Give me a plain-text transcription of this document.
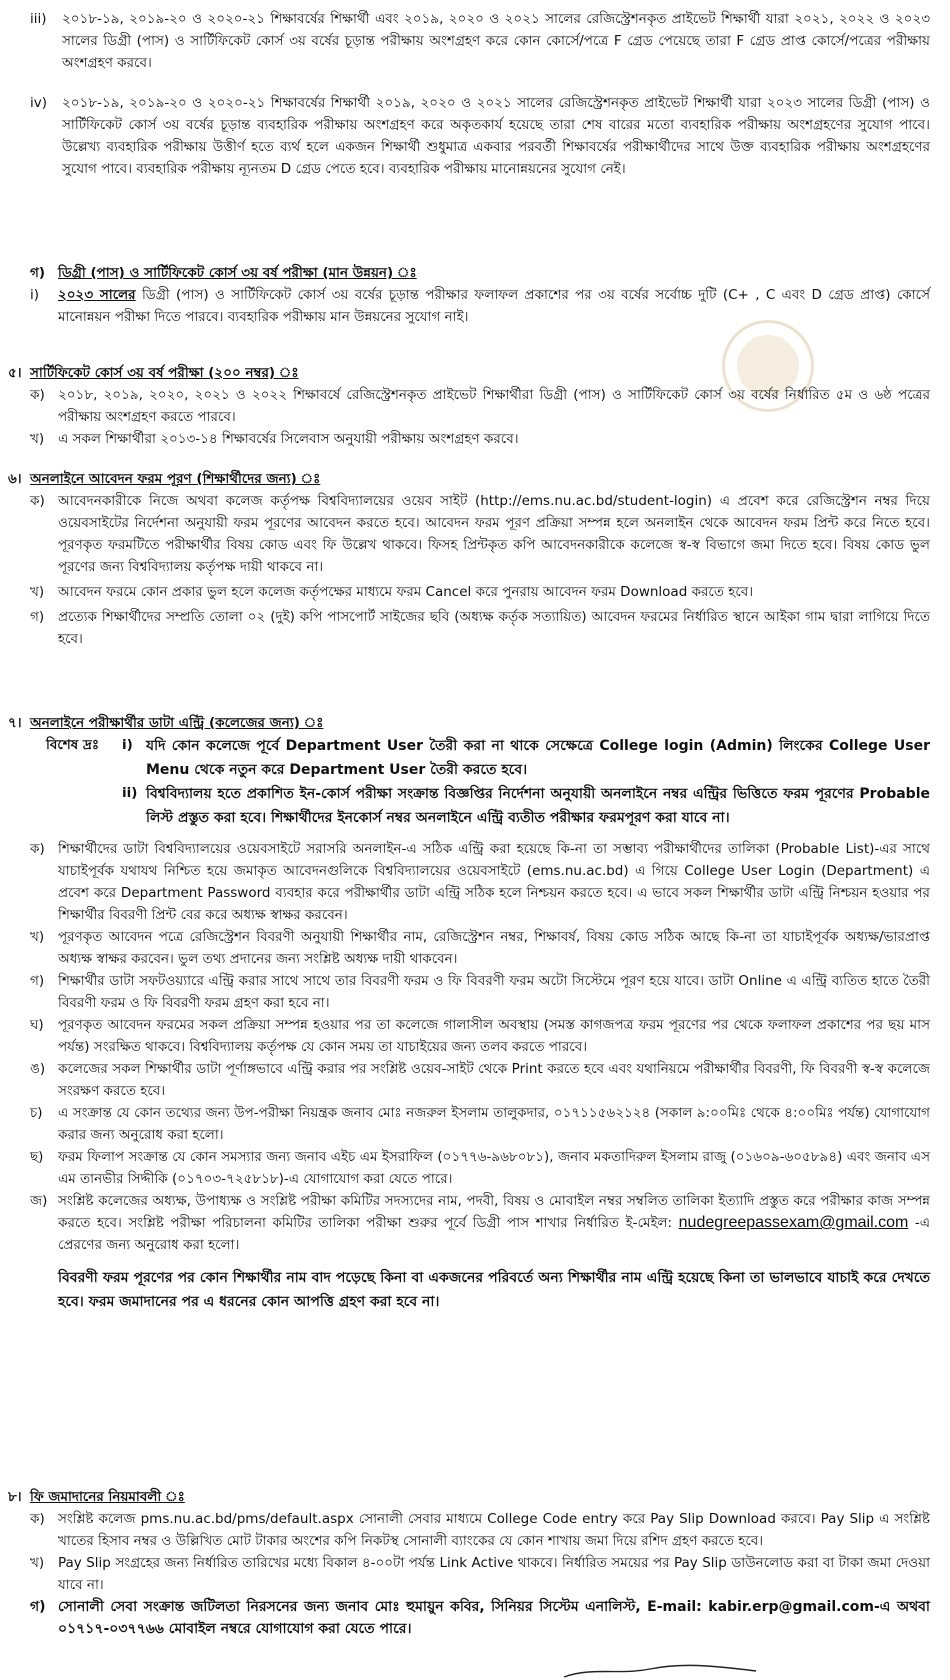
iii)	২০১৮-১৯, ২০১৯-২০ ও ২০২০-২১ শিক্ষাবর্ষের শিক্ষার্থী এবং ২০১৯, ২০২০ ও ২০২১ সালের রেজিস্ট্রেশনকৃত প্রাইভেট শিক্ষার্থী যারা ২০২১, ২০২২ ও ২০২৩ সালের ডিগ্রী (পাস) ও সার্টিফিকেট কোর্স ৩য় বর্ষের চূড়ান্ত পরীক্ষায় অংশগ্রহণ করে কোন কোর্সে/পত্রে F গ্রেড পেয়েছে তারা F গ্রেড প্রাপ্ত কোর্সে/পত্রের পরীক্ষায় অংশগ্রহণ করবে।
iv)	২০১৮-১৯, ২০১৯-২০ ও ২০২০-২১ শিক্ষাবর্ষের শিক্ষার্থী ২০১৯, ২০২০ ও ২০২১ সালের রেজিস্ট্রেশনকৃত প্রাইভেট শিক্ষার্থী যারা ২০২৩ সালের ডিগ্রী (পাস) ও সার্টিফিকেট কোর্স ৩য় বর্ষের চূড়ান্ত ব্যবহারিক পরীক্ষায় অংশগ্রহণ করে অকৃতকার্য হয়েছে তারা শেষ বারের মতো ব্যবহারিক পরীক্ষায় অংশগ্রহণের সুযোগ পাবে। উল্লেখ্য ব্যবহারিক পরীক্ষায় উত্তীর্ণ হতে ব্যর্থ হলে একজন শিক্ষার্থী শুধুমাত্র একবার পরবর্তী শিক্ষাবর্ষের পরীক্ষার্থীদের সাথে উক্ত ব্যবহারিক পরীক্ষায় অংশগ্রহণের সুযোগ পাবে। ব্যবহারিক পরীক্ষায় ন্যূনতম D গ্রেড পেতে হবে। ব্যবহারিক পরীক্ষায় মানোন্নয়নের সুযোগ নেই।
গ) ডিগ্রী (পাস) ও সার্টিফিকেট কোর্স ৩য় বর্ষ পরীক্ষা (মান উন্নয়ন) ঃ
i)	২০২৩ সালের ডিগ্রী (পাস) ও সার্টিফিকেট কোর্স ৩য় বর্ষের চূড়ান্ত পরীক্ষার ফলাফল প্রকাশের পর ৩য় বর্ষের সর্বোচ্চ দুটি (C+ , C এবং D গ্রেড প্রাপ্ত) কোর্সে মানোন্নয়ন পরীক্ষা দিতে পারবে। ব্যবহারিক পরীক্ষায় মান উন্নয়নের সুযোগ নাই।
৫। সার্টিফিকেট কোর্স ৩য় বর্ষ পরীক্ষা (২০০ নম্বর) ঃ
ক) ২০১৮, ২০১৯, ২০২০, ২০২১ ও ২০২২ শিক্ষাবর্ষে রেজিস্ট্রেশনকৃত প্রাইভেট শিক্ষার্থীরা ডিগ্রী (পাস) ও সার্টিফিকেট কোর্স ৩য় বর্ষের নির্ধারিত ৫ম ও ৬ষ্ঠ পত্রের পরীক্ষায় অংশগ্রহণ করতে পারবে।
খ)	এ সকল শিক্ষার্থীরা ২০১৩-১৪ শিক্ষাবর্ষের সিলেবাস অনুযায়ী পরীক্ষায় অংশগ্রহণ করবে।
৬। অনলাইনে আবেদন ফরম পূরণ (শিক্ষার্থীদের জন্য) ঃ
ক) আবেদনকারীকে নিজে অথবা কলেজ কর্তৃপক্ষ বিশ্ববিদ্যালয়ের ওয়েব সাইট (http://ems.nu.ac.bd/student-login) এ প্রবেশ করে রেজিস্ট্রেশন নম্বর দিয়ে ওয়েবসাইটের নির্দেশনা অনুযায়ী ফরম পূরণের আবেদন করতে হবে। আবেদন ফরম পূরণ প্রক্রিয়া সম্পন্ন হলে অনলাইন থেকে আবেদন ফরম প্রিন্ট করে নিতে হবে। পূরণকৃত ফরমটিতে পরীক্ষার্থীর বিষয় কোড এবং ফি উল্লেখ থাকবে। ফিসহ প্রিন্টকৃত কপি আবেদনকারীকে কলেজে স্ব-স্ব বিভাগে জমা দিতে হবে। বিষয় কোড ভুল পূরণের জন্য বিশ্ববিদ্যালয় কর্তৃপক্ষ দায়ী থাকবে না।
খ)	আবেদন ফরমে কোন প্রকার ভুল হলে কলেজ কর্তৃপক্ষের মাধ্যমে ফরম Cancel করে পুনরায় আবেদন ফরম Download করতে হবে।
গ)	প্রত্যেক শিক্ষার্থীদের সম্প্রতি তোলা ০২ (দুই) কপি পাসপোর্ট সাইজের ছবি (অধ্যক্ষ কর্তৃক সত্যায়িত) আবেদন ফরমের নির্ধারিত স্থানে আইকা গাম দ্বারা লাগিয়ে দিতে হবে।
৭। অনলাইনে পরীক্ষার্থীর ডাটা এন্ট্রি (কলেজের জন্য) ঃ
বিশেষ দ্রঃ	i) যদি কোন কলেজে পূর্বে Department User তৈরী করা না থাকে সেক্ষেত্রে College login (Admin) লিংকের College User Menu থেকে নতুন করে Department User তৈরী করতে হবে।
ii) বিশ্ববিদ্যালয় হতে প্রকাশিত ইন-কোর্স পরীক্ষা সংক্রান্ত বিজ্ঞপ্তির নির্দেশনা অনুযায়ী অনলাইনে নম্বর এন্ট্রির ভিত্তিতে ফরম পূরণের Probable লিস্ট প্রস্তুত করা হবে। শিক্ষার্থীদের ইনকোর্স নম্বর অনলাইনে এন্ট্রি ব্যতীত পরীক্ষার ফরমপূরণ করা যাবে না।
ক) শিক্ষার্থীদের ডাটা বিশ্ববিদ্যালয়ের ওয়েবসাইটে সরাসরি অনলাইন-এ সঠিক এন্ট্রি করা হয়েছে কি-না তা সম্ভাব্য পরীক্ষার্থীদের তালিকা (Probable List)-এর সাথে যাচাইপূর্বক যথাযথ নিশ্চিত হয়ে জমাকৃত আবেদনগুলিকে বিশ্ববিদ্যালয়ের ওয়েবসাইটে (ems.nu.ac.bd) এ গিয়ে College User Login (Department) এ প্রবেশ করে Department Password ব্যবহার করে পরীক্ষার্থীর ডাটা এন্ট্রি সঠিক হলে নিশ্চয়ন করতে হবে। এ ভাবে সকল শিক্ষার্থীর ডাটা এন্ট্রি নিশ্চয়ন হওয়ার পর শিক্ষার্থীর বিবরণী প্রিন্ট বের করে অধ্যক্ষ স্বাক্ষর করবেন।
খ)	পূরণকৃত আবেদন পত্রে রেজিস্ট্রেশন বিবরণী অনুযায়ী শিক্ষার্থীর নাম, রেজিস্ট্রেশন নম্বর, শিক্ষাবর্ষ, বিষয় কোড সঠিক আছে কি-না তা যাচাইপূর্বক অধ্যক্ষ/ভারপ্রাপ্ত অধ্যক্ষ স্বাক্ষর করবেন। ভুল তথ্য প্রদানের জন্য সংশ্লিষ্ট অধ্যক্ষ দায়ী থাকবেন।
গ)	শিক্ষার্থীর ডাটা সফটওয়্যারে এন্ট্রি করার সাথে সাথে তার বিবরণী ফরম ও ফি বিবরণী ফরম অটো সিস্টেমে পূরণ হয়ে যাবে। ডাটা Online এ এন্ট্রি ব্যতিত হাতে তৈরী বিবরণী ফরম ও ফি বিবরণী ফরম গ্রহণ করা হবে না।
ঘ)	পূরণকৃত আবেদন ফরমের সকল প্রক্রিয়া সম্পন্ন হওয়ার পর তা কলেজে গালাসীল অবস্থায় (সমস্ত কাগজপত্র ফরম পূরণের পর থেকে ফলাফল প্রকাশের পর ছয় মাস পর্যন্ত) সংরক্ষিত থাকবে। বিশ্ববিদ্যালয় কর্তৃপক্ষ যে কোন সময় তা যাচাইয়ের জন্য তলব করতে পারবে।
ঙ) কলেজের সকল শিক্ষার্থীর ডাটা পূর্ণাঙ্গভাবে এন্ট্রি করার পর সংশ্লিষ্ট ওয়েব-সাইট থেকে Print করতে হবে এবং যথানিয়মে পরীক্ষার্থীর বিবরণী, ফি বিবরণী স্ব-স্ব কলেজে সংরক্ষণ করতে হবে।
চ)	এ সংক্রান্ত যে কোন তথ্যের জন্য উপ-পরীক্ষা নিয়ন্ত্রক জনাব মোঃ নজরুল ইসলাম তালুকদার, ০১৭১১৫৬২১২৪ (সকাল ৯:০০মিঃ থেকে ৪:০০মিঃ পর্যন্ত) যোগাযোগ করার জন্য অনুরোধ করা হলো।
ছ)	ফরম ফিলাপ সংক্রান্ত যে কোন সমস্যার জন্য জনাব এইচ এম ইসরাফিল (০১৭৭৬-৯৬৮০৮১), জনাব মকতাদিরুল ইসলাম রাজু (০১৬০৯-৬০৫৮৯৪) এবং জনাব এস এম তানভীর সিদ্দীকি (০১৭০৩-৭২৫৮১৮)-এ যোগাযোগ করা যেতে পারে।
জ) সংশ্লিষ্ট কলেজের অধ্যক্ষ, উপাধ্যক্ষ ও সংশ্লিষ্ট পরীক্ষা কমিটির সদস্যদের নাম, পদবী, বিষয় ও মোবাইল নম্বর সম্বলিত তালিকা ইত্যাদি প্রস্তুত করে পরীক্ষার কাজ সম্পন্ন করতে হবে। সংশ্লিষ্ট পরীক্ষা পরিচালনা কমিটির তালিকা পরীক্ষা শুরুর পূর্বে ডিগ্রী পাস শাখার নির্ধারিত ই-মেইল: nudegreepassexam@gmail.com -এ প্রেরণের জন্য অনুরোধ করা হলো।
বিবরণী ফরম পূরণের পর কোন শিক্ষার্থীর নাম বাদ পড়েছে কিনা বা একজনের পরিবর্তে অন্য শিক্ষার্থীর নাম এন্ট্রি হয়েছে কিনা তা ভালভাবে যাচাই করে দেখতে হবে। ফরম জমাদানের পর এ ধরনের কোন আপত্তি গ্রহণ করা হবে না।
৮। ফি জমাদানের নিয়মাবলী ঃ
ক) সংশ্লিষ্ট কলেজ pms.nu.ac.bd/pms/default.aspx সোনালী সেবার মাধ্যমে College Code entry করে Pay Slip Download করবে। Pay Slip এ সংশ্লিষ্ট খাতের হিসাব নম্বর ও উল্লিখিত মোট টাকার অংশের কপি নিকটস্থ সোনালী ব্যাংকের যে কোন শাখায় জমা দিয়ে রশিদ গ্রহণ করতে হবে।
খ)	Pay Slip সংগ্রহের জন্য নির্ধারিত তারিখের মধ্যে বিকাল ৪-০০টা পর্যন্ত Link Active থাকবে। নির্ধারিত সময়ের পর Pay Slip ডাউনলোড করা বা টাকা জমা দেওয়া যাবে না।
গ) সোনালী সেবা সংক্রান্ত জটিলতা নিরসনের জন্য জনাব মোঃ হুমায়ুন কবির, সিনিয়র সিস্টেম এনালিস্ট, E-mail: kabir.erp@gmail.com-এ অথবা ০১৭১৭-০৩৭৭৬৬ মোবাইল নম্বরে যোগাযোগ করা যেতে পারে।
